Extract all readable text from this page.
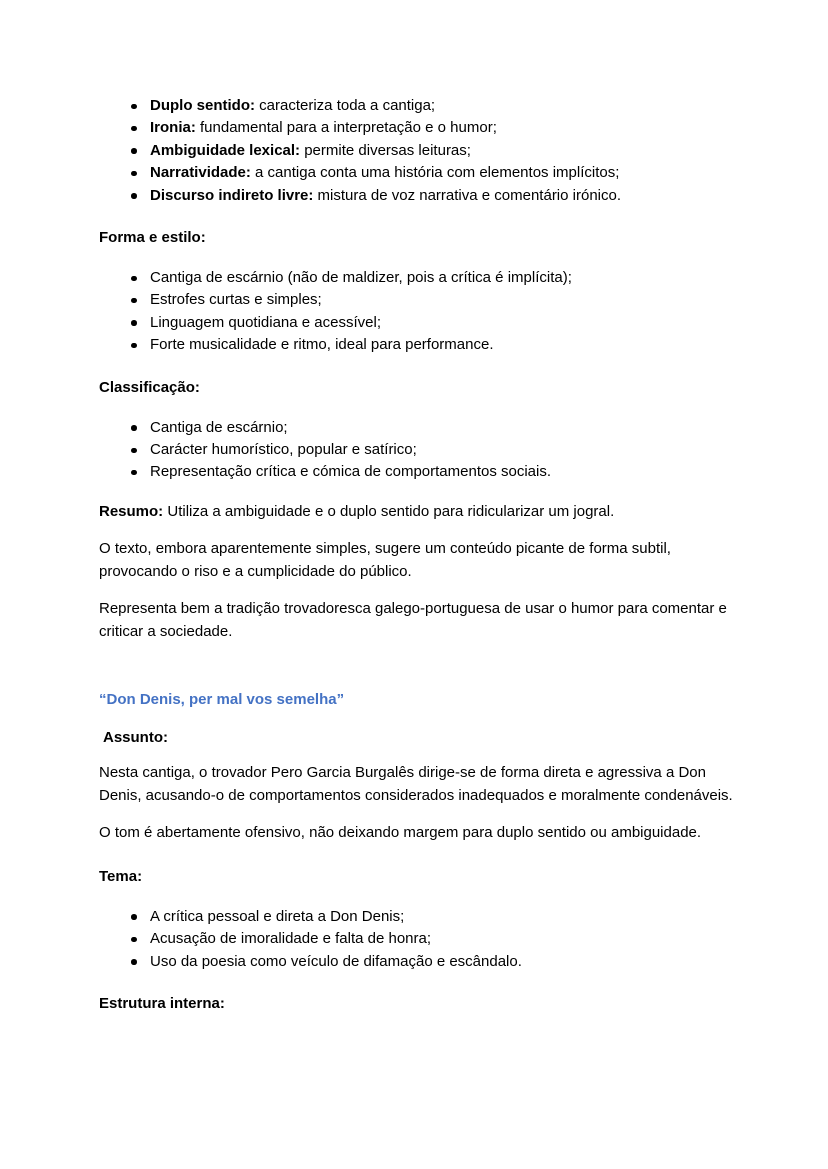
Duplo sentido: caracteriza toda a cantiga;
Ironia: fundamental para a interpretação e o humor;
Ambiguidade lexical: permite diversas leituras;
Narratividade: a cantiga conta uma história com elementos implícitos;
Discurso indireto livre: mistura de voz narrativa e comentário irónico.
Forma e estilo:
Cantiga de escárnio (não de maldizer, pois a crítica é implícita);
Estrofes curtas e simples;
Linguagem quotidiana e acessível;
Forte musicalidade e ritmo, ideal para performance.
Classificação:
Cantiga de escárnio;
Carácter humorístico, popular e satírico;
Representação crítica e cómica de comportamentos sociais.

Resumo: Utiliza a ambiguidade e o duplo sentido para ridicularizar um jogral.

O texto, embora aparentemente simples, sugere um conteúdo picante de forma subtil, provocando o riso e a cumplicidade do público.

Representa bem a tradição trovadoresca galego-portuguesa de usar o humor para comentar e criticar a sociedade.

“Don Denis, per mal vos semelha”
Assunto:

Nesta cantiga, o trovador Pero Garcia Burgalês dirige-se de forma direta e agressiva a Don Denis, acusando-o de comportamentos considerados inadequados e moralmente condenáveis.

O tom é abertamente ofensivo, não deixando margem para duplo sentido ou ambiguidade.

Tema:
A crítica pessoal e direta a Don Denis;
Acusação de imoralidade e falta de honra;
Uso da poesia como veículo de difamação e escândalo.
Estrutura interna:
